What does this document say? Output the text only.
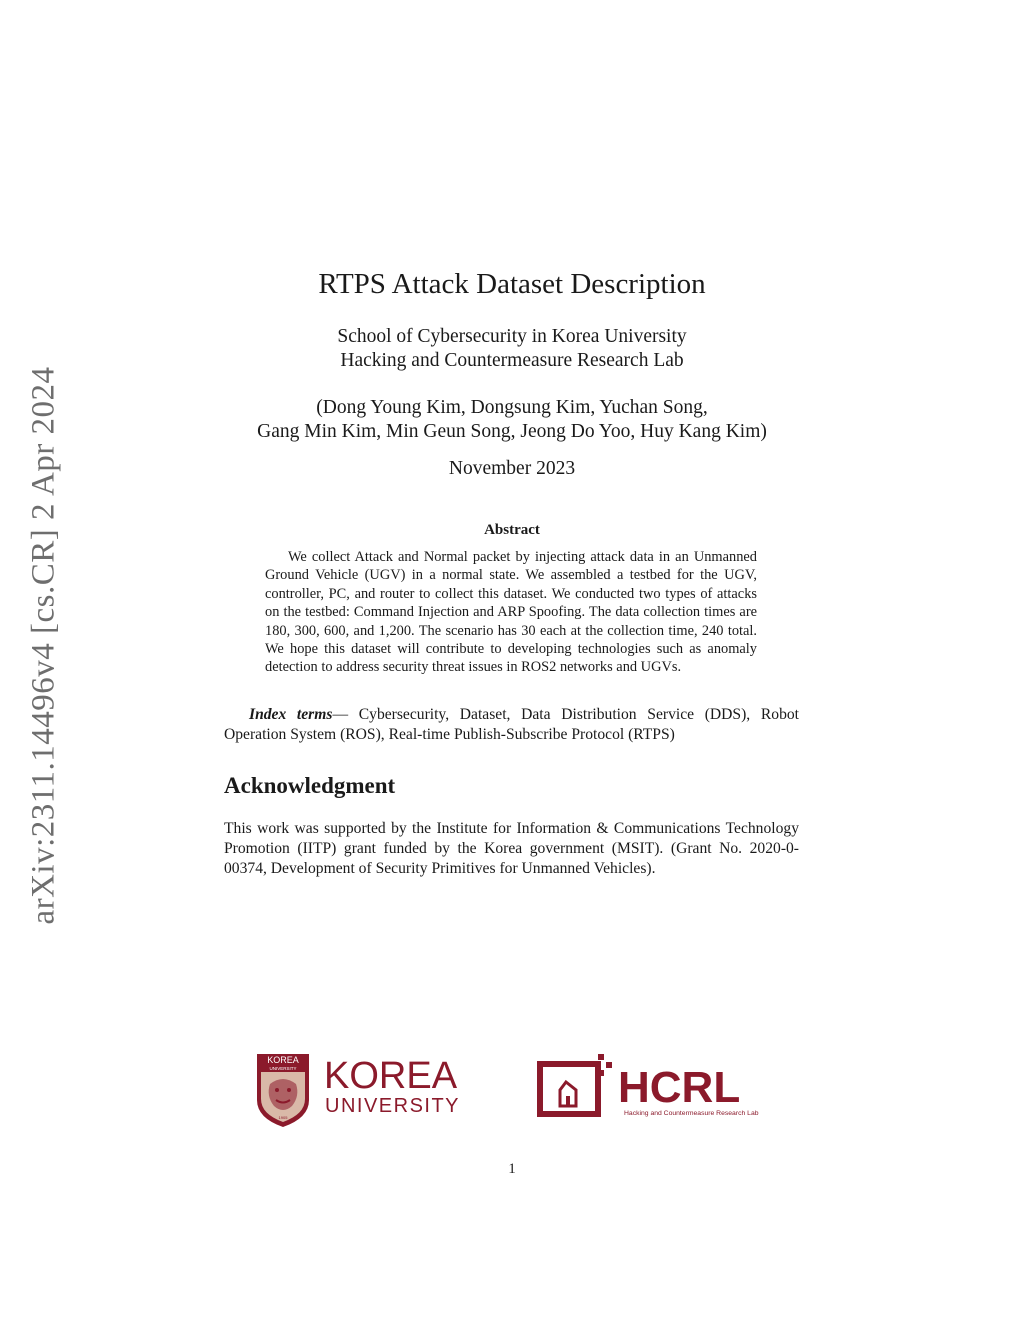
arXiv:2311.14496v4 [cs.CR] 2 Apr 2024
RTPS Attack Dataset Description
School of Cybersecurity in Korea University
Hacking and Countermeasure Research Lab
(Dong Young Kim, Dongsung Kim, Yuchan Song,
Gang Min Kim, Min Geun Song, Jeong Do Yoo, Huy Kang Kim)
November 2023
Abstract

We collect Attack and Normal packet by injecting attack data in an Unmanned Ground Vehicle (UGV) in a normal state. We assembled a testbed for the UGV, controller, PC, and router to collect this dataset. We conducted two types of attacks on the testbed: Command Injection and ARP Spoofing. The data collection times are 180, 300, 600, and 1,200. The scenario has 30 each at the collection time, 240 total. We hope this dataset will contribute to developing technologies such as anomaly detection to address security threat issues in ROS2 networks and UGVs.

Index terms— Cybersecurity, Dataset, Data Distribution Service (DDS), Robot Operation System (ROS), Real-time Publish-Subscribe Protocol (RTPS)

Acknowledgment

This work was supported by the Institute for Information & Communications Technology Promotion (IITP) grant funded by the Korea government (MSIT). (Grant No. 2020-0-00374, Development of Security Primitives for Unmanned Vehicles).

KOREA
UNIVERSITY
1905
KOREA
UNIVERSITY	HCRL
Hacking and Countermeasure Research Lab
1
